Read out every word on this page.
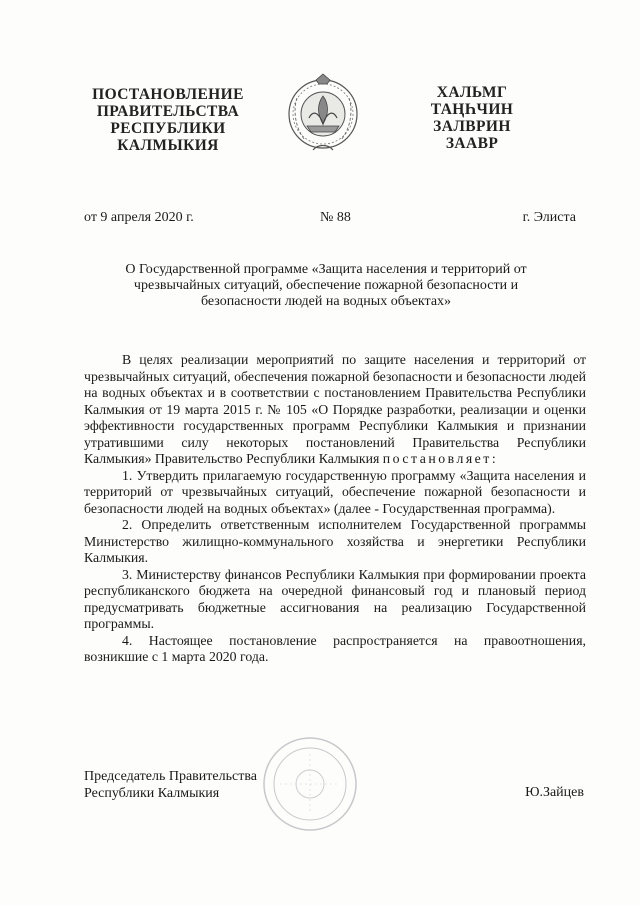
ПОСТАНОВЛЕНИЕ
ПРАВИТЕЛЬСТВА
РЕСПУБЛИКИ
КАЛМЫКИЯ
ХАЛЬМГ
ТАҢҺЧИН
ЗАЛВРИН
ЗААВР
от 9 апреля 2020 г.	№ 88	г. Элиста
О Государственной программе «Защита населения и территорий от
чрезвычайных ситуаций, обеспечение пожарной безопасности и
безопасности людей на водных объектах»

В целях реализации мероприятий по защите населения и территорий от чрезвычайных ситуаций, обеспечения пожарной безопасности и безопасности людей на водных объектах и в соответствии с постановлением Правительства Республики Калмыкия от 19 марта 2015 г. № 105 «О Порядке разработки, реализации и оценки эффективности государственных программ Республики Калмыкия и признании утратившими силу некоторых постановлений Правительства Республики Калмыкия» Правительство Республики Калмыкия постановляет:

1. Утвердить прилагаемую государственную программу «Защита населения и территорий от чрезвычайных ситуаций, обеспечение пожарной безопасности и безопасности людей на водных объектах» (далее - Государственная программа).

2. Определить ответственным исполнителем Государственной программы Министерство жилищно-коммунального хозяйства и энергетики Республики Калмыкия.

3. Министерству финансов Республики Калмыкия при формировании проекта республиканского бюджета на очередной финансовый год и плановый период предусматривать бюджетные ассигнования на реализацию Государственной программы.

4. Настоящее постановление распространяется на правоотношения, возникшие с 1 марта 2020 года.

Председатель Правительства
Республики Калмыкия	Ю.Зайцев
